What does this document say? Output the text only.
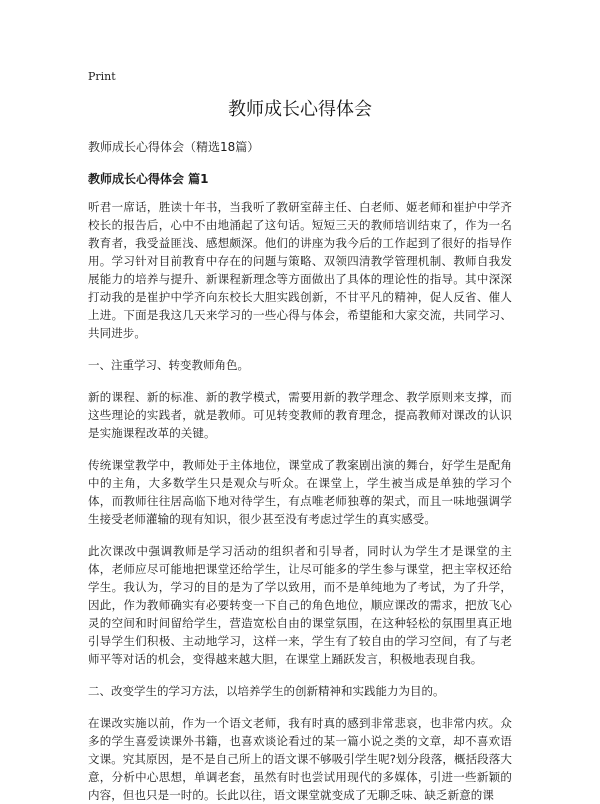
Print
教师成长心得体会
教师成长心得体会（精选18篇）
教师成长心得体会 篇1

听君一席话，胜读十年书，当我听了教研室薛主任、白老师、姬老师和崔护中学齐校长的报告后，心中不由地涌起了这句话。短短三天的教师培训结束了，作为一名教育者，我受益匪浅、感想颇深。他们的讲座为我今后的工作起到了很好的指导作用。学习针对目前教育中存在的问题与策略、双领四清教学管理机制、教师自我发展能力的培养与提升、新课程新理念等方面做出了具体的理论性的指导。其中深深打动我的是崔护中学齐向东校长大胆实践创新，不甘平凡的精神，促人反省、催人上进。下面是我这几天来学习的一些心得与体会，希望能和大家交流，共同学习、共同进步。

一、注重学习、转变教师角色。

新的课程、新的标准、新的教学模式，需要用新的教学理念、教学原则来支撑，而这些理论的实践者，就是教师。可见转变教师的教育理念，提高教师对课改的认识是实施课程改革的关键。

传统课堂教学中，教师处于主体地位，课堂成了教案剧出演的舞台，好学生是配角中的主角，大多数学生只是观众与听众。在课堂上，学生被当成是单独的学习个体，而教师往往居高临下地对待学生，有点唯老师独尊的架式，而且一味地强调学生接受老师灌输的现有知识，很少甚至没有考虑过学生的真实感受。

此次课改中强调教师是学习活动的组织者和引导者，同时认为学生才是课堂的主体，老师应尽可能地把课堂还给学生，让尽可能多的学生参与课堂，把主宰权还给学生。我认为，学习的目的是为了学以致用，而不是单纯地为了考试，为了升学，因此，作为教师确实有必要转变一下自己的角色地位，顺应课改的需求，把放飞心灵的空间和时间留给学生，营造宽松自由的课堂氛围，在这种轻松的氛围里真正地引导学生们积极、主动地学习，这样一来，学生有了较自由的学习空间，有了与老师平等对话的机会，变得越来越大胆，在课堂上踊跃发言，积极地表现自我。

二、改变学生的学习方法，以培养学生的创新精神和实践能力为目的。

在课改实施以前，作为一个语文老师，我有时真的感到非常悲哀，也非常内疚。众多的学生喜爱读课外书籍，也喜欢谈论看过的某一篇小说之类的文章，却不喜欢语文课。究其原因，是不是自己所上的语文课不够吸引学生呢?划分段落，概括段落大意，分析中心思想，单调老套，虽然有时也尝试用现代的多媒体，引进一些新颖的内容，但也只是一时的。长此以往，语文课堂就变成了无聊乏味、缺乏新意的课
